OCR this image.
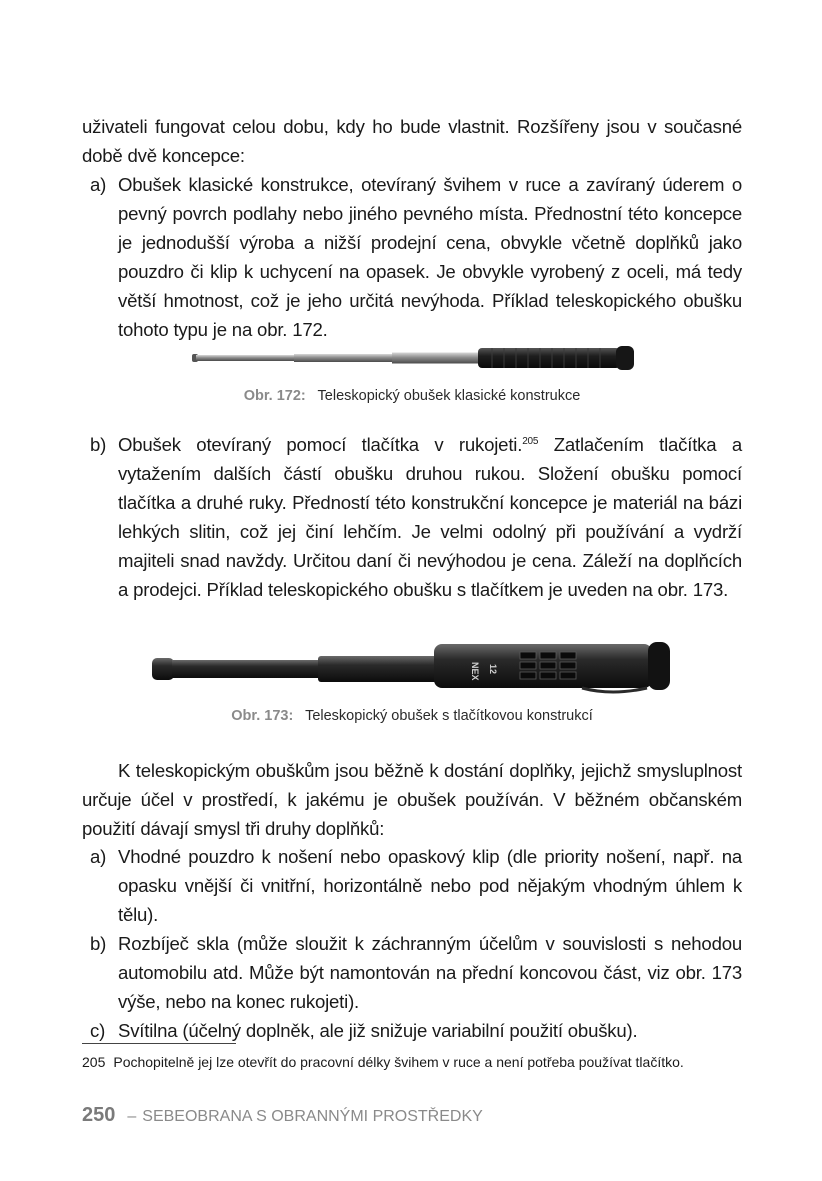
uživateli fungovat celou dobu, kdy ho bude vlastnit. Rozšířeny jsou v současné době dvě koncepce:

a) Obušek klasické konstrukce, otevíraný švihem v ruce a zavíraný úderem o pevný povrch podlahy nebo jiného pevného místa. Přednostní této koncepce je jednodušší výroba a nižší prodejní cena, obvykle včetně doplňků jako pouzdro či klip k uchycení na opasek. Je obvykle vyrobený z oceli, má tedy větší hmotnost, což je jeho určitá nevýhoda. Příklad teleskopického obušku tohoto typu je na obr. 172.

Obr. 172: Teleskopický obušek klasické konstrukce

b) Obušek otevíraný pomocí tlačítka v rukojeti.$^{205}$ Zatlačením tlačítka a vytažením dalších částí obušku druhou rukou. Složení obušku pomocí tlačítka a druhé ruky. Předností této konstrukční koncepce je materiál na bázi lehkých slitin, což jej činí lehčím. Je velmi odolný při používání a vydrží majiteli snad navždy. Určitou daní či nevýhodou je cena. Záleží na doplňcích a prodejci. Příklad teleskopického obušku s tlačítkem je uveden na obr. 173.

NEX 12
Obr. 173: Teleskopický obušek s tlačítkovou konstrukcí

K teleskopickým obuškům jsou běžně k dostání doplňky, jejichž smysluplnost určuje účel v prostředí, k jakému je obušek používán. V běžném občanském použití dávají smysl tři druhy doplňků:

a) Vhodné pouzdro k nošení nebo opaskový klip (dle priority nošení, např. na opasku vnější či vnitřní, horizontálně nebo pod nějakým vhodným úhlem k tělu).

b) Rozbíječ skla (může sloužit k záchranným účelům v souvislosti s nehodou automobilu atd. Může být namontován na přední koncovou část, viz obr. 173 výše, nebo na konec rukojeti).

c) Svítilna (účelný doplněk, ale již snižuje variabilní použití obušku).

205 Pochopitelně jej lze otevřít do pracovní délky švihem v ruce a není potřeba používat tlačítko.
250 – SEBEOBRANA S OBRANNÝMI PROSTŘEDKY
